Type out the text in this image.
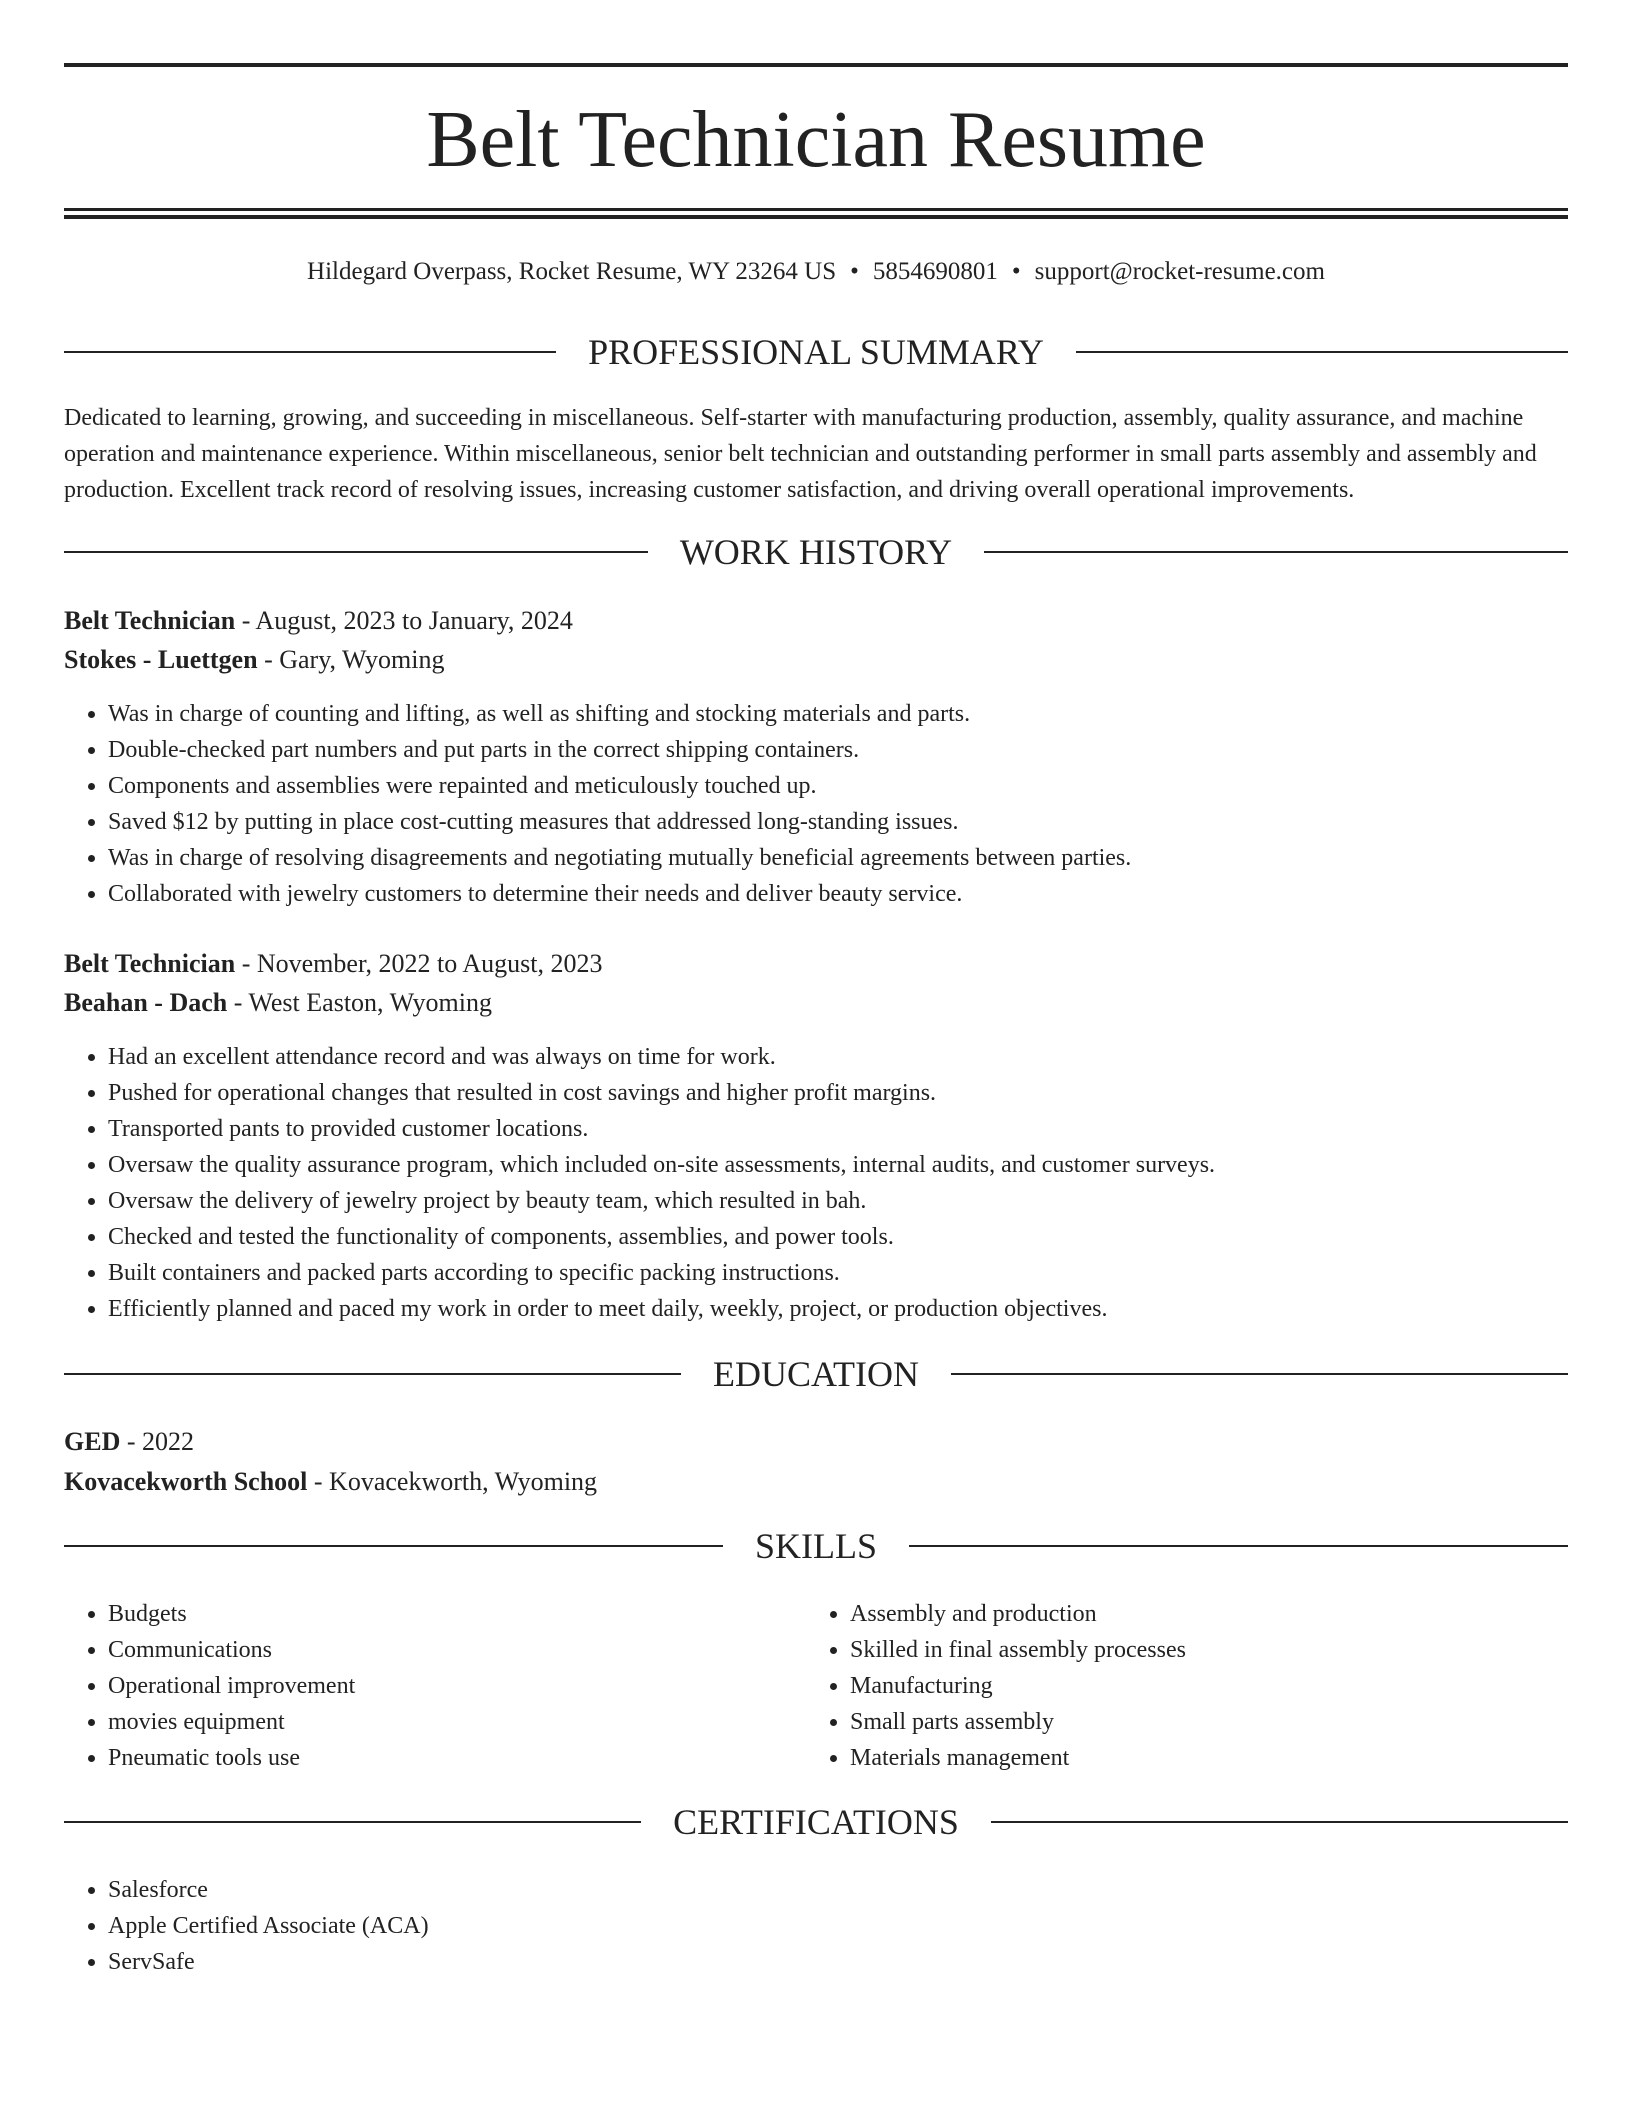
Belt Technician Resume
Hildegard Overpass, Rocket Resume, WY 23264 US • 5854690801 • support@rocket-resume.com
PROFESSIONAL SUMMARY

Dedicated to learning, growing, and succeeding in miscellaneous. Self-starter with manufacturing production, assembly, quality assurance, and machine operation and maintenance experience. Within miscellaneous, senior belt technician and outstanding performer in small parts assembly and assembly and production. Excellent track record of resolving issues, increasing customer satisfaction, and driving overall operational improvements.

WORK HISTORY
Belt Technician - August, 2023 to January, 2024
Stokes - Luettgen - Gary, Wyoming
• Was in charge of counting and lifting, as well as shifting and stocking materials and parts.
• Double-checked part numbers and put parts in the correct shipping containers.
• Components and assemblies were repainted and meticulously touched up.
• Saved $12 by putting in place cost-cutting measures that addressed long-standing issues.
• Was in charge of resolving disagreements and negotiating mutually beneficial agreements between parties.
• Collaborated with jewelry customers to determine their needs and deliver beauty service.
Belt Technician - November, 2022 to August, 2023
Beahan - Dach - West Easton, Wyoming
• Had an excellent attendance record and was always on time for work.
• Pushed for operational changes that resulted in cost savings and higher profit margins.
• Transported pants to provided customer locations.
• Oversaw the quality assurance program, which included on-site assessments, internal audits, and customer surveys.
• Oversaw the delivery of jewelry project by beauty team, which resulted in bah.
• Checked and tested the functionality of components, assemblies, and power tools.
• Built containers and packed parts according to specific packing instructions.
• Efficiently planned and paced my work in order to meet daily, weekly, project, or production objectives.
EDUCATION
GED - 2022
Kovacekworth School - Kovacekworth, Wyoming
SKILLS
• Budgets
• Communications
• Operational improvement
• movies equipment
• Pneumatic tools use
• Assembly and production
• Skilled in final assembly processes
• Manufacturing
• Small parts assembly
• Materials management
CERTIFICATIONS
• Salesforce
• Apple Certified Associate (ACA)
• ServSafe
